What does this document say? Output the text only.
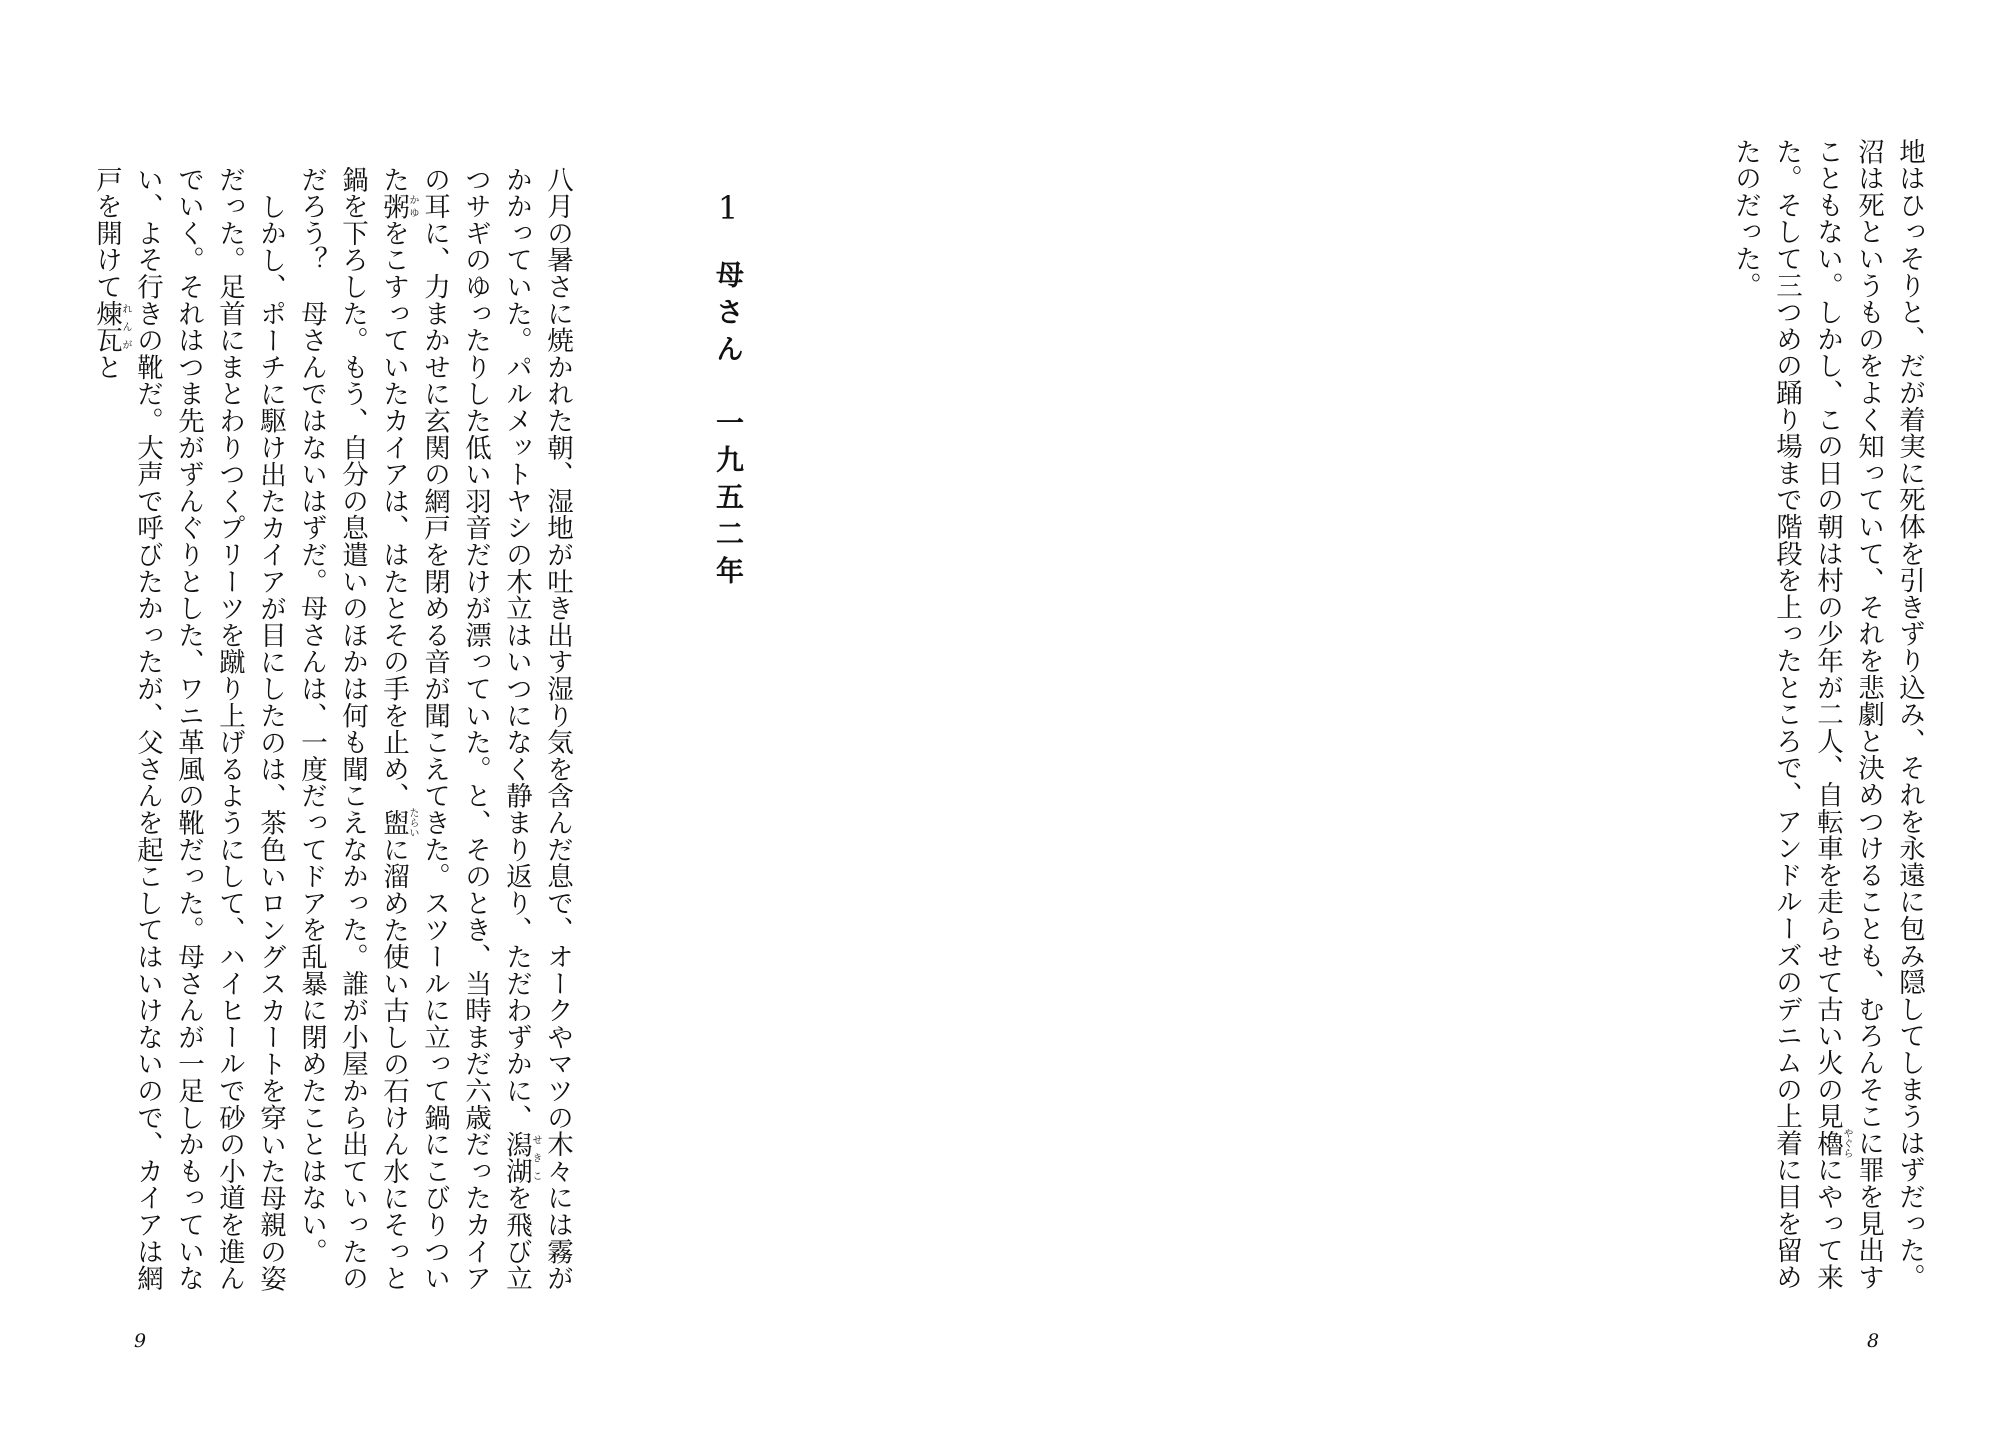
1母さん　一九五二年

八月の暑さに焼かれた朝、湿地が吐き出す湿り気を含んだ息で、オークやマツの木々には霧がかかっていた。パルメットヤシの木立はいつになく静まり返り、ただわずかに、潟湖せきこを飛び立つサギのゆったりした低い羽音だけが漂っていた。と、そのとき、当時まだ六歳だったカイアの耳に、力まかせに玄関の網戸を閉める音が聞こえてきた。スツールに立って鍋にこびりついた粥かゆをこすっていたカイアは、はたとその手を止め、盥たらいに溜めた使い古しの石けん水にそっと鍋を下ろした。もう、自分の息遣いのほかは何も聞こえなかった。誰が小屋から出ていったのだろう？　母さんではないはずだ。母さんは、一度だってドアを乱暴に閉めたことはない。

しかし、ポーチに駆け出たカイアが目にしたのは、茶色いロングスカートを穿いた母親の姿だった。足首にまとわりつくプリーツを蹴り上げるようにして、ハイヒールで砂の小道を進んでいく。それはつま先がずんぐりとした、ワニ革風の靴だった。母さんが一足しかもっていない、よそ行きの靴だ。大声で呼びたかったが、父さんを起こしてはいけないので、カイアは網戸を開けて煉瓦れんがと

9

地はひっそりと、だが着実に死体を引きずり込み、それを永遠に包み隠してしまうはずだった。沼は死というものをよく知っていて、それを悲劇と決めつけることも、むろんそこに罪を見出すこともない。しかし、この日の朝は村の少年が二人、自転車を走らせて古い火の見櫓やぐらにやって来た。そして三つめの踊り場まで階段を上ったところで、アンドルーズのデニムの上着に目を留めたのだった。

8
